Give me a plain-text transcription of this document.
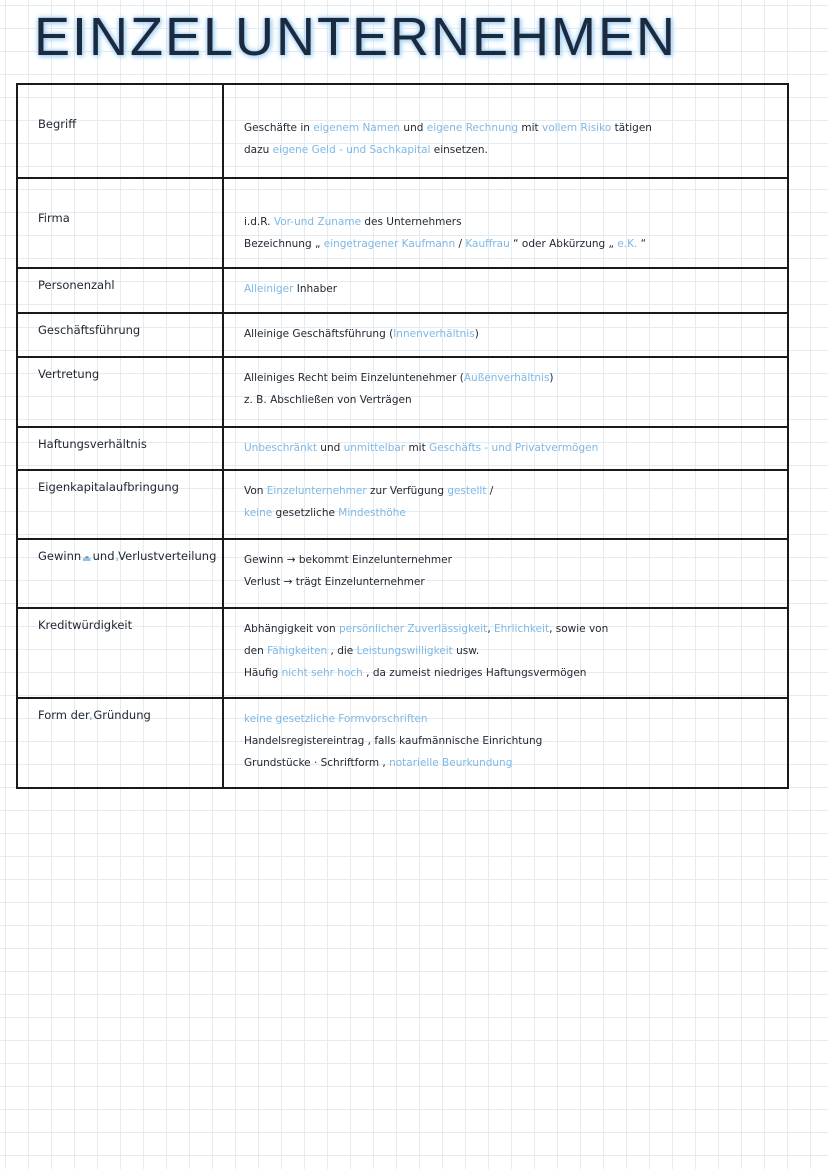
EINZELUNTERNEHMEN
Begriff	Geschäfte in eigenem Namen und eigene Rechnung mit vollem Risiko tätigen
dazu eigene Geld - und Sachkapital einsetzen.

Firma	i.d.R. Vor-und Zuname des Unternehmers
Bezeichnung „ eingetragener Kaufmann / Kauffrau “ oder Abkürzung „ e.K. “

Personenzahl	Alleiniger Inhaber

Geschäftsführung	Alleinige Geschäftsführung (Innenverhältnis)

Vertretung	Alleiniges Recht beim Einzeluntenehmer (Außenverhältnis)
z. B. Abschließen von Verträgen

Haftungsverhältnis	Unbeschränkt und unmittelbar mit Geschäfts - und Privatvermögen

Eigenkapitalaufbringung	Von Einzelunternehmer zur Verfügung gestellt /
keine gesetzliche Mindesthöhe

Gewinn - und Verlustverteilung	Gewinn → bekommt Einzelunternehmer
Verlust → trägt Einzelunternehmer

Kreditwürdigkeit	Abhängigkeit von persönlicher Zuverlässigkeit, Ehrlichkeit, sowie von
den Fähigkeiten , die Leistungswilligkeit usw.
Häufig nicht sehr hoch , da zumeist niedriges Haftungsvermögen

Form der Gründung	keine gesetzliche Formvorschriften
Handelsregistereintrag , falls kaufmännische Einrichtung
Grundstücke · Schriftform , notarielle Beurkundung
